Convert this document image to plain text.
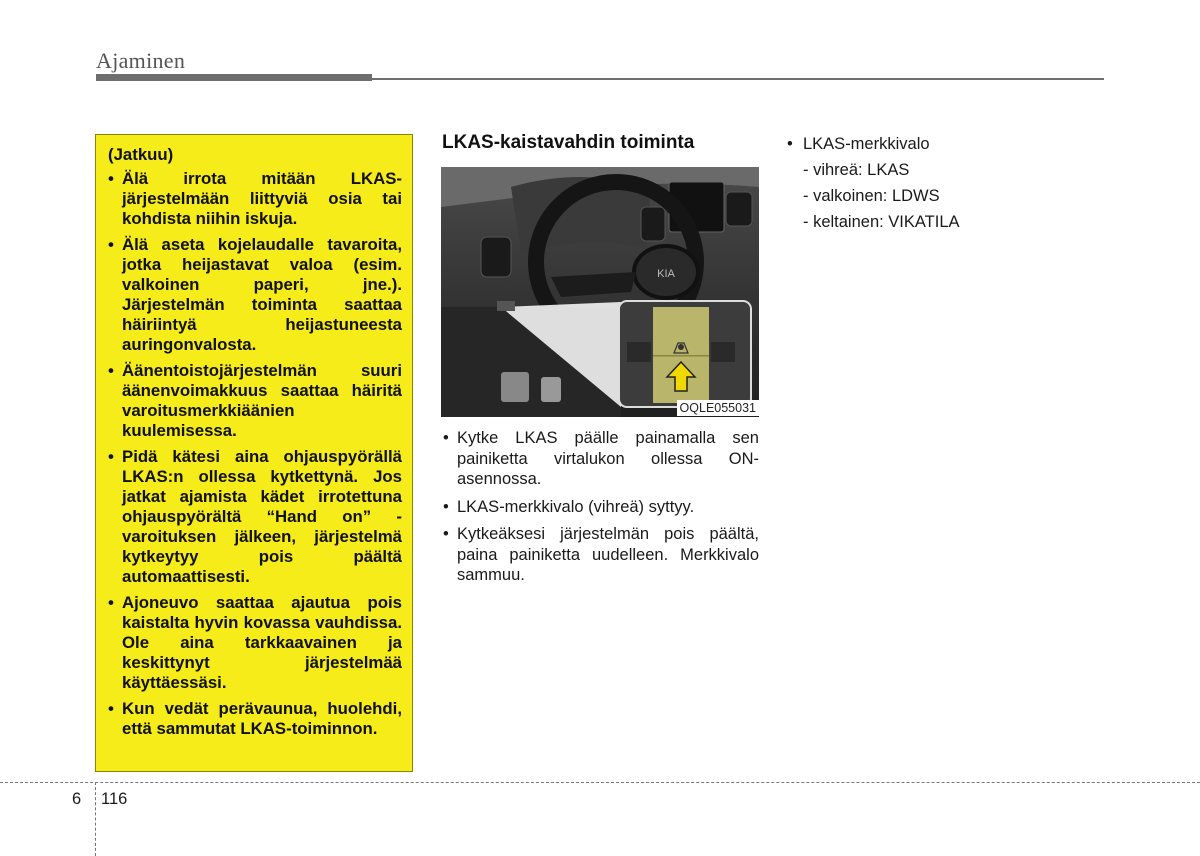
Ajaminen
(Jatkuu)
• Älä irrota mitään LKAS-järjestelmään liittyviä osia tai kohdista niihin iskuja.
• Älä aseta kojelaudalle tavaroita, jotka heijastavat valoa (esim. valkoinen paperi, jne.). Järjestelmän toiminta saattaa häiriintyä heijastuneesta auringonvalosta.
• Äänentoistojärjestelmän suuri äänenvoimakkuus saattaa häiritä varoitusmerkkiäänien kuulemisessa.
• Pidä kätesi aina ohjauspyörällä LKAS:n ollessa kytkettynä. Jos jatkat ajamista kädet irrotettuna ohjauspyörältä “Hand on” -varoituksen jälkeen, järjestelmä kytkeytyy pois päältä automaattisesti.
• Ajoneuvo saattaa ajautua pois kaistalta hyvin kovassa vauhdissa. Ole aina tarkkaavainen ja keskittynyt järjestelmää käyttäessäsi.
• Kun vedät perävaunua, huolehdi, että sammutat LKAS-toiminnon.
LKAS-kaistavahdin toiminta
KIA
OQLE055031
• Kytke LKAS päälle painamalla sen painiketta virtalukon ollessa ON-asennossa.
• LKAS-merkkivalo (vihreä) syttyy.
• Kytkeäksesi järjestelmän pois päältä, paina painiketta uudelleen. Merkkivalo sammuu.
• LKAS-merkkivalo
- vihreä: LKAS
- valkoinen: LDWS
- keltainen: VIKATILA
6 116
